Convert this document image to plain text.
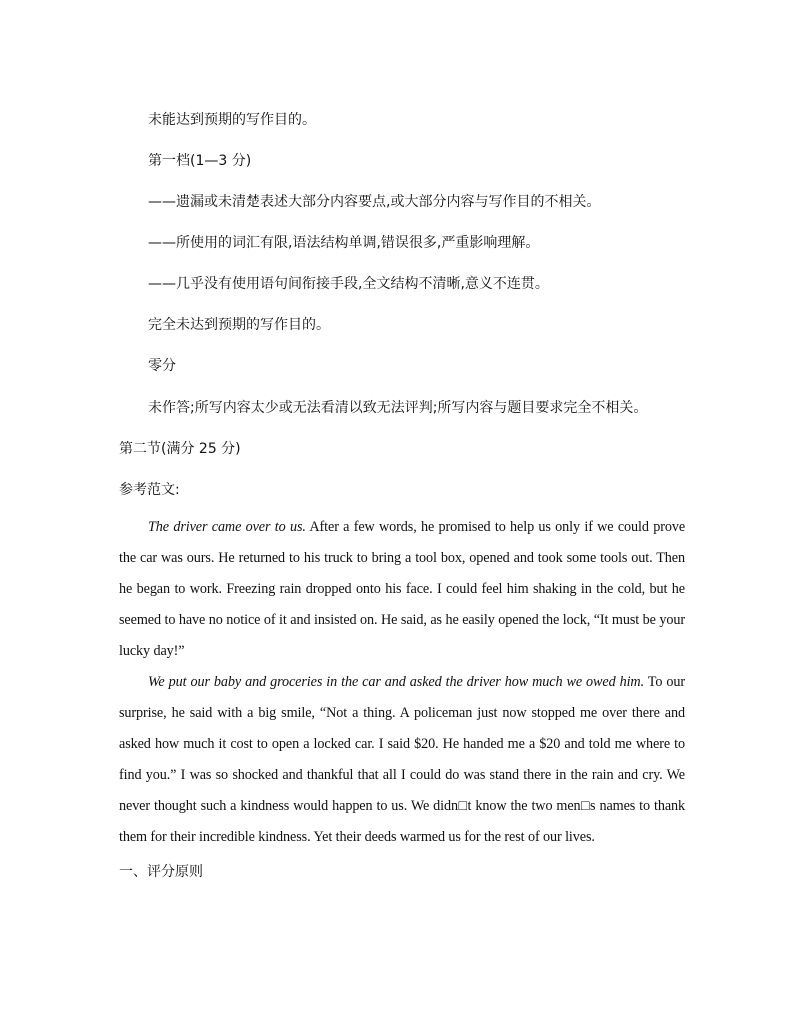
未能达到预期的写作目的。
第一档(1—3 分)
——遗漏或未清楚表述大部分内容要点,或大部分内容与写作目的不相关。
——所使用的词汇有限,语法结构单调,错误很多,严重影响理解。
——几乎没有使用语句间衔接手段,全文结构不清晰,意义不连贯。
完全未达到预期的写作目的。
零分
未作答;所写内容太少或无法看清以致无法评判;所写内容与题目要求完全不相关。
第二节(满分 25 分)
参考范文:
The driver came over to us. After a few words, he promised to help us only if we could prove the car was ours. He returned to his truck to bring a tool box, opened and took some tools out. Then he began to work. Freezing rain dropped onto his face. I could feel him shaking in the cold, but he seemed to have no notice of it and insisted on. He said, as he easily opened the lock, “It must be your lucky day!”
We put our baby and groceries in the car and asked the driver how much we owed him. To our surprise, he said with a big smile, “Not a thing. A policeman just now stopped me over there and asked how much it cost to open a locked car. I said $20. He handed me a $20 and told me where to find you.” I was so shocked and thankful that all I could do was stand there in the rain and cry. We never thought such a kindness would happen to us. We didn□t know the two men□s names to thank them for their incredible kindness. Yet their deeds warmed us for the rest of our lives.
一、评分原则
